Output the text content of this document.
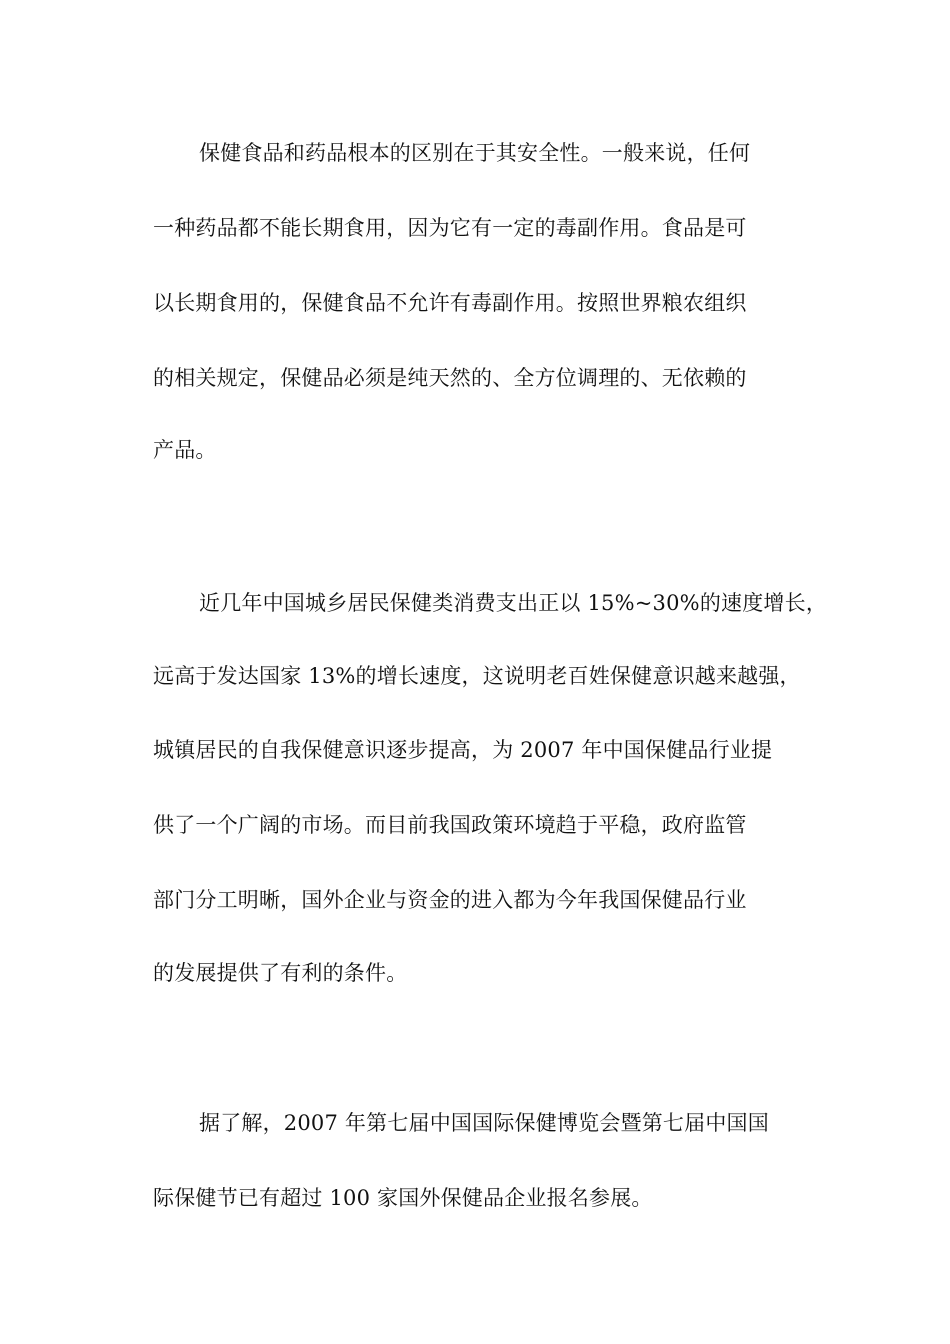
保健食品和药品根本的区别在于其安全性。一般来说，任何
一种药品都不能长期食用，因为它有一定的毒副作用。食品是可
以长期食用的，保健食品不允许有毒副作用。按照世界粮农组织
的相关规定，保健品必须是纯天然的、全方位调理的、无依赖的
产品。
近几年中国城乡居民保健类消费支出正以 15%~30%的速度增长，
远高于发达国家 13%的增长速度，这说明老百姓保健意识越来越强，
城镇居民的自我保健意识逐步提高，为 2007 年中国保健品行业提
供了一个广阔的市场。而目前我国政策环境趋于平稳，政府监管
部门分工明晰，国外企业与资金的进入都为今年我国保健品行业
的发展提供了有利的条件。
据了解，2007 年第七届中国国际保健博览会暨第七届中国国
际保健节已有超过 100 家国外保健品企业报名参展。
